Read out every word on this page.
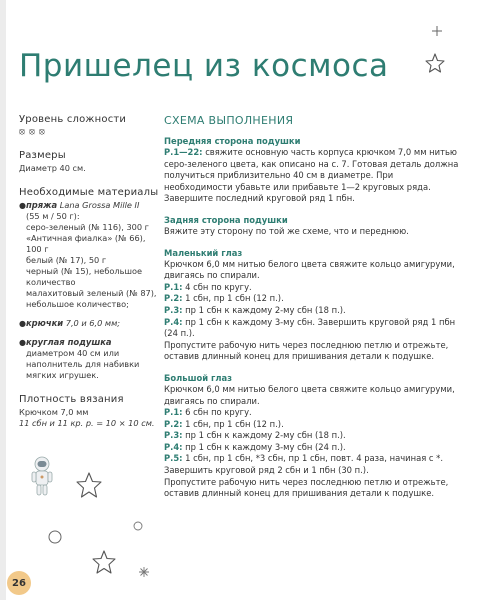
Пришелец из космоса

Уровень сложности

⦻ ⦻ ⦻

Размеры

Диаметр 40 см.

Необходимые материалы

● пряжа Lana Grossa Mille II

(55 м / 50 г):

серо-зеленый (№ 116), 300 г

«Античная фиалка» (№ 66),

100 г

белый (№ 17), 50 г

черный (№ 15), небольшое

количество

малахитовый зеленый (№ 87),

небольшое количество;

● крючки 7,0 и 6,0 мм;

● круглая подушка диаметром 40 см или наполнитель для набивки мягких игрушек.

Плотность вязания

Крючком 7,0 мм

11 сбн и 11 кр. р. = 10 × 10 см.

СХЕМА ВЫПОЛНЕНИЯ

Передняя сторона подушки

Р.1—22: свяжите основную часть корпуса крючком 7,0 мм нитью серо-зеленого цвета, как описано на с. 7. Готовая деталь должна получиться приблизительно 40 см в диаметре. При необходимости убавьте или прибавьте 1—2 круговых ряда. Завершите последний круговой ряд 1 пбн.

Задняя сторона подушки

Вяжите эту сторону по той же схеме, что и переднюю.

Маленький глаз

Крючком 6,0 мм нитью белого цвета свяжите кольцо амигуруми, двигаясь по спирали.

Р.1: 4 сбн по кругу.

Р.2: 1 сбн, пр 1 сбн (12 п.).

Р.3: пр 1 сбн к каждому 2-му сбн (18 п.).

Р.4: пр 1 сбн к каждому 3-му сбн. Завершить круговой ряд 1 пбн (24 п.).

Пропустите рабочую нить через последнюю петлю и отрежьте, оставив длинный конец для пришивания детали к подушке.

Большой глаз

Крючком 6,0 мм нитью белого цвета свяжите кольцо амигуруми, двигаясь по спирали.

Р.1: 6 сбн по кругу.

Р.2: 1 сбн, пр 1 сбн (12 п.).

Р.3: пр 1 сбн к каждому 2-му сбн (18 п.).

Р.4: пр 1 сбн к каждому 3-му сбн (24 п.).

Р.5: 1 сбн, пр 1 сбн, *3 сбн, пр 1 сбн, повт. 4 раза, начиная с *. Завершить круговой ряд 2 сбн и 1 пбн (30 п.).

Пропустите рабочую нить через последнюю петлю и отрежьте, оставив длинный конец для пришивания детали к подушке.

26
